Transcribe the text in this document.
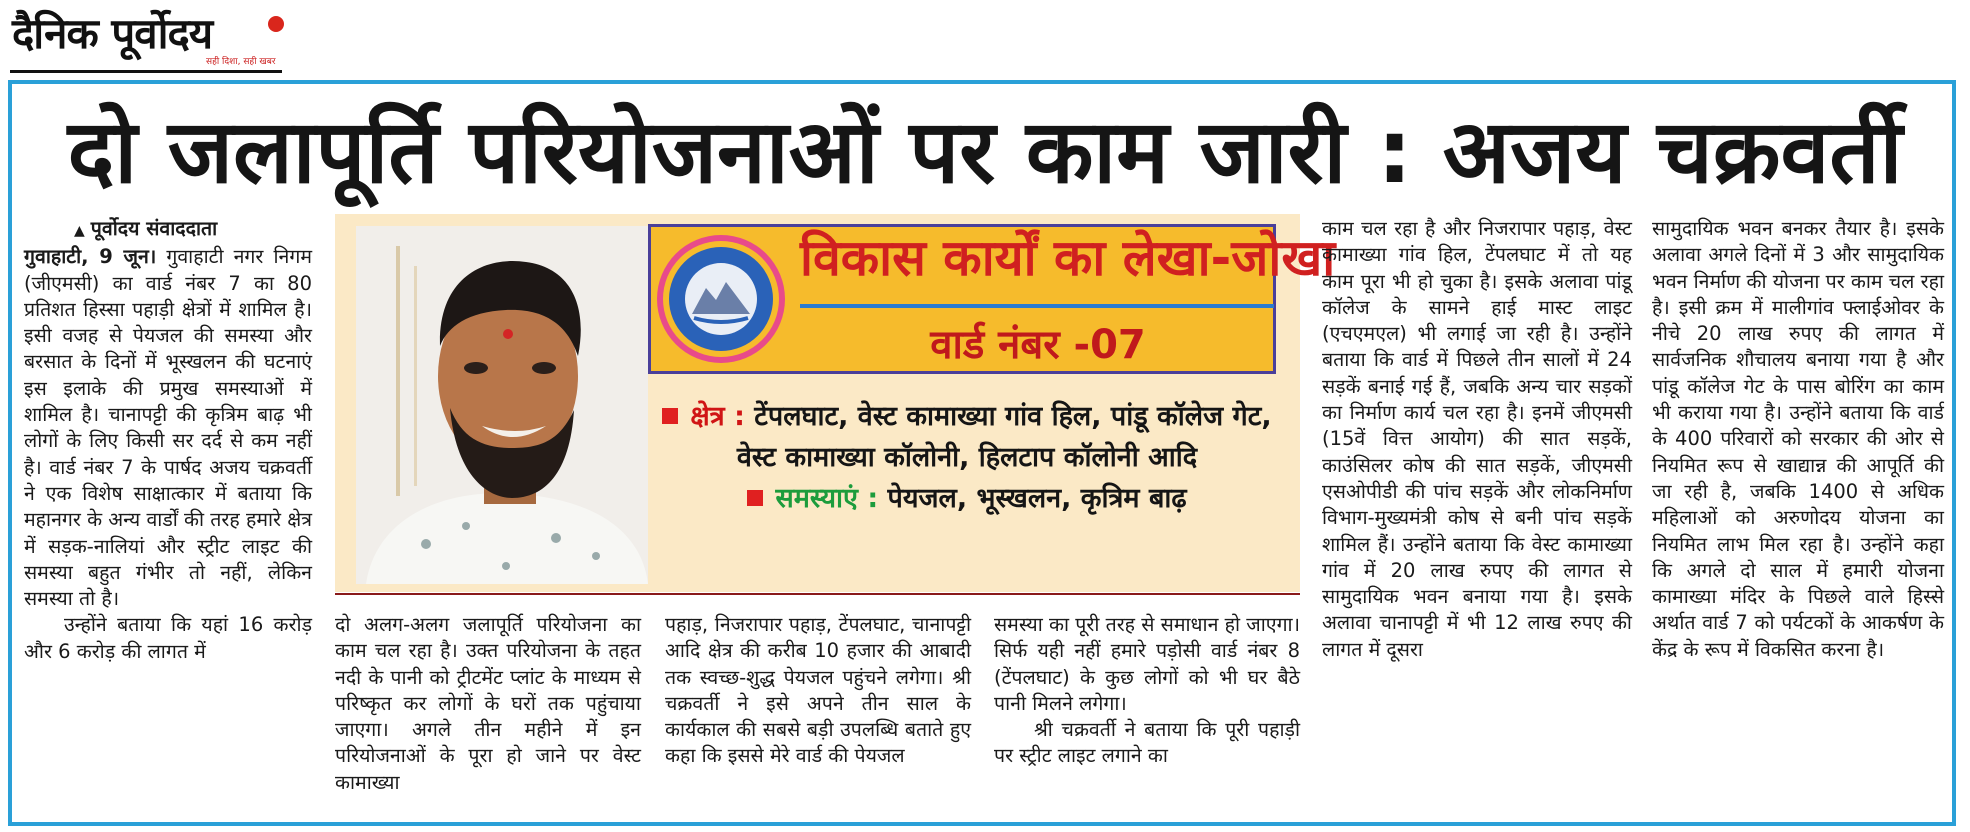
दैनिक पूर्वोदय
सही दिशा, सही खबर
दो जलापूर्ति परियोजनाओं पर काम जारी : अजय चक्रवर्ती

▲ पूर्वोदय संवाददाता

गुवाहाटी, 9 जून। गुवाहाटी नगर निगम (जीएमसी) का वार्ड नंबर 7 का 80 प्रतिशत हिस्सा पहाड़ी क्षेत्रों में शामिल है। इसी वजह से पेयजल की समस्या और बरसात के दिनों में भूस्खलन की घटनाएं इस इलाके की प्रमुख समस्याओं में शामिल है। चानापट्टी की कृत्रिम बाढ़ भी लोगों के लिए किसी सर दर्द से कम नहीं है। वार्ड नंबर 7 के पार्षद अजय चक्रवर्ती ने एक विशेष साक्षात्कार में बताया कि महानगर के अन्य वार्डों की तरह हमारे क्षेत्र में सड़क-नालियां और स्ट्रीट लाइट की समस्या बहुत गंभीर तो नहीं, लेकिन समस्या तो है।

उन्होंने बताया कि यहां 16 करोड़ और 6 करोड़ की लागत में

विकास कार्यों का लेखा-जोखा
वार्ड नंबर -07
क्षेत्र : टेंपलघाट, वेस्ट कामाख्या गांव हिल, पांडू कॉलेज गेट, वेस्ट कामाख्या कॉलोनी, हिलटाप कॉलोनी आदि
समस्याएं : पेयजल, भूस्खलन, कृत्रिम बाढ़

दो अलग-अलग जलापूर्ति परियोजना का काम चल रहा है। उक्त परियोजना के तहत नदी के पानी को ट्रीटमेंट प्लांट के माध्यम से परिष्कृत कर लोगों के घरों तक पहुंचाया जाएगा। अगले तीन महीने में इन परियोजनाओं के पूरा हो जाने पर वेस्ट कामाख्या

पहाड़, निजरापार पहाड़, टेंपलघाट, चानापट्टी आदि क्षेत्र की करीब 10 हजार की आबादी तक स्वच्छ-शुद्ध पेयजल पहुंचने लगेगा। श्री चक्रवर्ती ने इसे अपने तीन साल के कार्यकाल की सबसे बड़ी उपलब्धि बताते हुए कहा कि इससे मेरे वार्ड की पेयजल

समस्या का पूरी तरह से समाधान हो जाएगा। सिर्फ यही नहीं हमारे पड़ोसी वार्ड नंबर 8 (टेंपलघाट) के कुछ लोगों को भी घर बैठे पानी मिलने लगेगा।

श्री चक्रवर्ती ने बताया कि पूरी पहाड़ी पर स्ट्रीट लाइट लगाने का

काम चल रहा है और निजरापार पहाड़, वेस्ट कामाख्या गांव हिल, टेंपलघाट में तो यह काम पूरा भी हो चुका है। इसके अलावा पांडू कॉलेज के सामने हाई मास्ट लाइट (एचएमएल) भी लगाई जा रही है। उन्होंने बताया कि वार्ड में पिछले तीन सालों में 24 सड़कें बनाई गई हैं, जबकि अन्य चार सड़कों का निर्माण कार्य चल रहा है। इनमें जीएमसी (15वें वित्त आयोग) की सात सड़कें, काउंसिलर कोष की सात सड़कें, जीएमसी एसओपीडी की पांच सड़कें और लोकनिर्माण विभाग-मुख्यमंत्री कोष से बनी पांच सड़कें शामिल हैं। उन्होंने बताया कि वेस्ट कामाख्या गांव में 20 लाख रुपए की लागत से सामुदायिक भवन बनाया गया है। इसके अलावा चानापट्टी में भी 12 लाख रुपए की लागत में दूसरा

सामुदायिक भवन बनकर तैयार है। इसके अलावा अगले दिनों में 3 और सामुदायिक भवन निर्माण की योजना पर काम चल रहा है। इसी क्रम में मालीगांव फ्लाईओवर के नीचे 20 लाख रुपए की लागत में सार्वजनिक शौचालय बनाया गया है और पांडू कॉलेज गेट के पास बोरिंग का काम भी कराया गया है। उन्होंने बताया कि वार्ड के 400 परिवारों को सरकार की ओर से नियमित रूप से खाद्यान्न की आपूर्ति की जा रही है, जबकि 1400 से अधिक महिलाओं को अरुणोदय योजना का नियमित लाभ मिल रहा है। उन्होंने कहा कि अगले दो साल में हमारी योजना कामाख्या मंदिर के पिछले वाले हिस्से अर्थात वार्ड 7 को पर्यटकों के आकर्षण के केंद्र के रूप में विकसित करना है।
